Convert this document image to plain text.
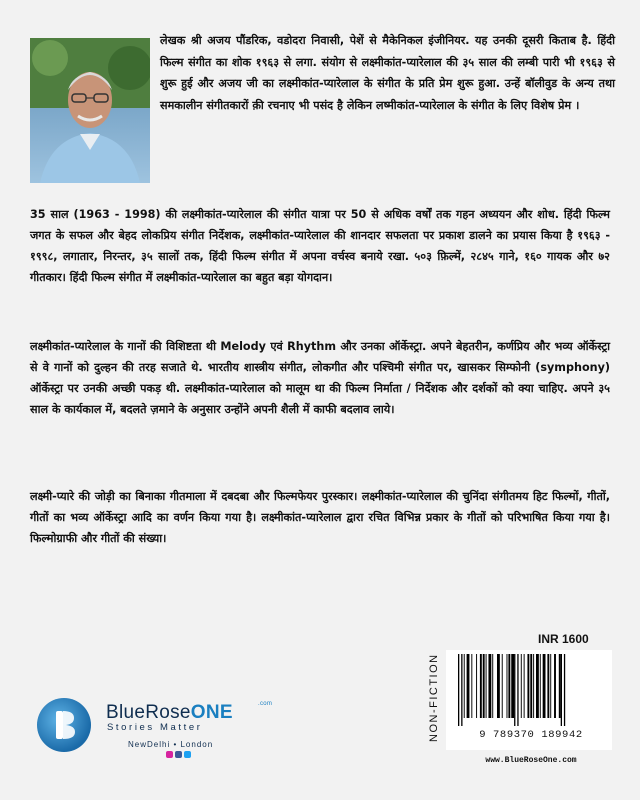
लेखक श्री अजय पौंडरिक, वडोदरा निवासी, पेशें से मैकेनिकल इंजीनियर. यह उनकी दूसरी किताब है. हिंदी फिल्म संगीत का शोक १९६३ से लगा. संयोग से लक्ष्मीकांत-प्यारेलाल की ३५ साल की लम्बी पारी भी १९६३ से शुरू हुई और अजय जी का लक्ष्मीकांत-प्यारेलाल के संगीत के प्रति प्रेम शुरू हुआ. उन्हें बॉलीवुड के अन्य तथा समकालीन संगीतकारों क़ी रचनाए भी पसंद है लेकिन लष्मीकांत-प्यारेलाल के संगीत के लिए विशेष प्रेम ।

35 साल (1963 - 1998) की लक्ष्मीकांत-प्यारेलाल की संगीत यात्रा पर 50 से अधिक वर्षों तक गहन अध्ययन और शोध. हिंदी फिल्म जगत के सफल और बेहद लोकप्रिय संगीत निर्देशक, लक्ष्मीकांत-प्यारेलाल की शानदार सफलता पर प्रकाश डालने का प्रयास किया है १९६३ - १९९८, लगातार, निरन्तर, ३५ सालों तक, हिंदी फिल्म संगीत में अपना वर्चस्व बनाये रखा. ५०३ फ़िल्में, २८४५ गाने, १६० गायक और ७२ गीतकार। हिंदी फिल्म संगीत में लक्ष्मीकांत-प्यारेलाल का बहुत बड़ा योगदान।

लक्ष्मीकांत-प्यारेलाल के गानों की विशिष्टता थी Melody एवं Rhythm और उनका ऑर्केस्ट्रा. अपने बेहतरीन, कर्णप्रिय और भव्य ऑर्केस्ट्रा से वे गानों को दुल्हन की तरह सजाते थे. भारतीय शास्त्रीय संगीत, लोकगीत और पश्चिमी संगीत पर, खासकर सिम्फोनी (symphony) ऑर्केस्ट्रा पर उनकी अच्छी पकड़ थी. लक्ष्मीकांत-प्यारेलाल को मालूम था की फिल्म निर्माता / निर्देशक और दर्शकों को क्या चाहिए. अपने ३५ साल के कार्यकाल में, बदलते ज़माने के अनुसार उन्होंने अपनी शैली में काफी बदलाव लाये।

लक्ष्मी-प्यारे की जोड़ी का बिनाका गीतमाला में दबदबा और फिल्मफेयर पुरस्कार। लक्ष्मीकांत-प्यारेलाल की चुनिंदा संगीतमय हिट फिल्मों, गीतों, गीतों का भव्य ऑर्केस्ट्रा आदि का वर्णन किया गया है। लक्ष्मीकांत-प्यारेलाल द्वारा रचित विभिन्न प्रकार के गीतों को परिभाषित किया गया है।फिल्मोग्राफी और गीतों की संख्या।

INR 1600
NON-FICTION	9 789370 189942
www.BlueRoseOne.com
BlueRoseONE	.com
Stories Matter
NewDelhi • London
